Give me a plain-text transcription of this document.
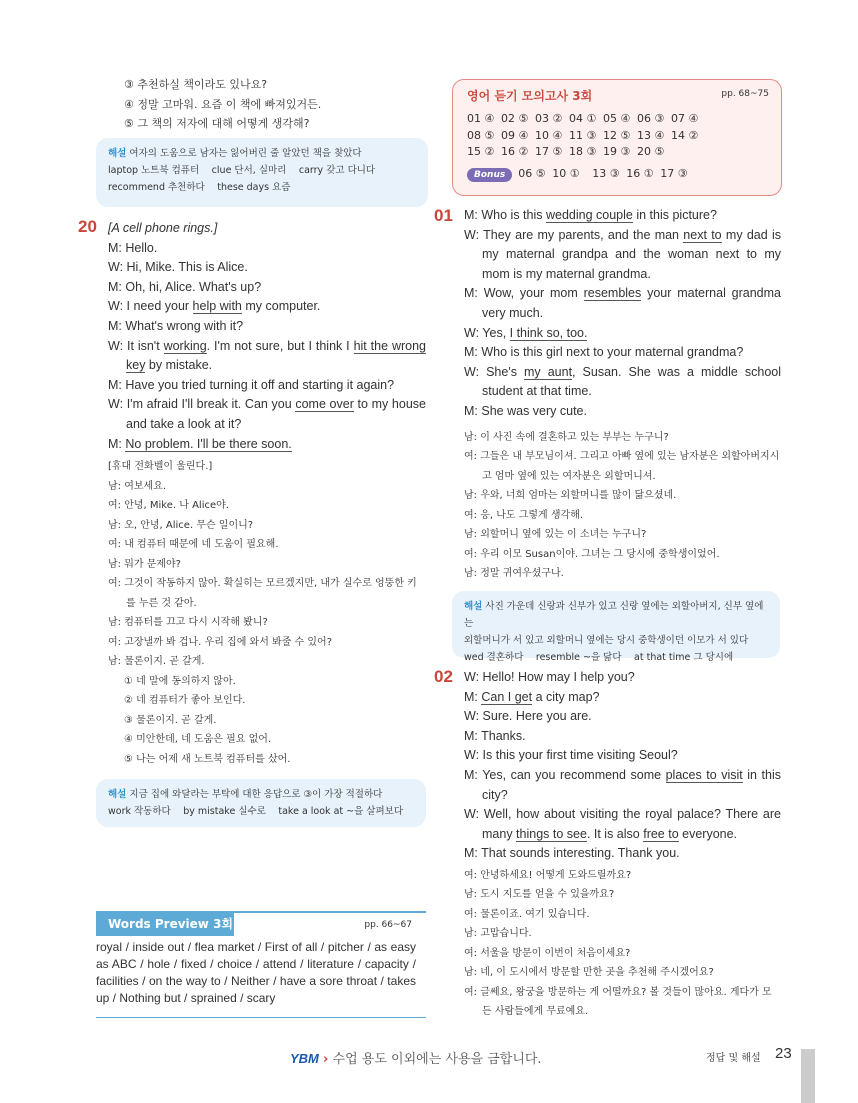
③ 추천하실 책이라도 있나요?
④ 정말 고마워. 요즘 이 책에 빠져있거든.
⑤ 그 책의 저자에 대해 어떻게 생각해?
해설 여자의 도움으로 남자는 잃어버린 줄 알았던 책을 찾았다
laptop 노트북 컴퓨터　 clue 단서, 실마리　 carry 갖고 다니다
recommend 추천하다　 these days 요즘
20 [A cell phone rings.]
M: Hello.
W: Hi, Mike. This is Alice.
M: Oh, hi, Alice. What's up?
W: I need your help with my computer.
M: What's wrong with it?
W: It isn't working. I'm not sure, but I think I hit the wrong key by mistake.
M: Have you tried turning it off and starting it again?
W: I'm afraid I'll break it. Can you come over to my house and take a look at it?
M: No problem. I'll be there soon.
[휴대 전화벨이 울린다.]
남: 여보세요.
여: 안녕, Mike. 나 Alice야.
남: 오, 안녕, Alice. 무슨 일이니?
여: 내 컴퓨터 때문에 네 도움이 필요해.
남: 뭐가 문제야?
여: 그것이 작동하지 않아. 확실히는 모르겠지만, 내가 실수로 엉뚱한 키를 누른 것 같아.
남: 컴퓨터를 끄고 다시 시작해 봤니?
여: 고장낼까 봐 겁나. 우리 집에 와서 봐줄 수 있어?
남: 물론이지. 곧 갈게.
① 네 말에 동의하지 않아.
② 네 컴퓨터가 좋아 보인다.
③ 물론이지. 곧 갈게.
④ 미안한데, 네 도움은 필요 없어.
⑤ 나는 어제 새 노트북 컴퓨터를 샀어.
해설 지금 집에 와달라는 부탁에 대한 응답으로 ③이 가장 적절하다
work 작동하다　 by mistake 실수로　 take a look at ~을 살펴보다
Words Preview 3회	pp. 66~67
royal / inside out / flea market / First of all / pitcher / as easy as ABC / hole / fixed / choice / attend / literature / capacity / facilities / on the way to / Neither / have a sore throat / takes up / Nothing but / sprained / scary
영어 듣기 모의고사 3회	pp. 68~75
01 ④ 02 ⑤ 03 ② 04 ① 05 ④ 06 ③ 07 ④
08 ⑤ 09 ④ 10 ④ 11 ③ 12 ⑤ 13 ④ 14 ②
15 ② 16 ② 17 ⑤ 18 ③ 19 ③ 20 ⑤
Bonus 06 ⑤ 10 ① 13 ③ 16 ① 17 ③
01 M: Who is this wedding couple in this picture?
W: They are my parents, and the man next to my dad is my maternal grandpa and the woman next to my mom is my maternal grandma.
M: Wow, your mom resembles your maternal grandma very much.
W: Yes, I think so, too.
M: Who is this girl next to your maternal grandma?
W: She's my aunt, Susan. She was a middle school student at that time.
M: She was very cute.
남: 이 사진 속에 결혼하고 있는 부부는 누구니?
여: 그들은 내 부모님이셔. 그리고 아빠 옆에 있는 남자분은 외할아버지시고 엄마 옆에 있는 여자분은 외할머니셔.
남: 우와, 너희 엄마는 외할머니를 많이 닮으셨네.
여: 응, 나도 그렇게 생각해.
남: 외할머니 옆에 있는 이 소녀는 누구니?
여: 우리 이모 Susan이야. 그녀는 그 당시에 중학생이었어.
남: 정말 귀여우셨구나.
해설 사진 가운데 신랑과 신부가 있고 신랑 옆에는 외할아버지, 신부 옆에는
외할머니가 서 있고 외할머니 옆에는 당시 중학생이던 이모가 서 있다
wed 결혼하다　 resemble ~을 닮다　 at that time 그 당시에
02 W: Hello! How may I help you?
M: Can I get a city map?
W: Sure. Here you are.
M: Thanks.
W: Is this your first time visiting Seoul?
M: Yes, can you recommend some places to visit in this city?
W: Well, how about visiting the royal palace? There are many things to see. It is also free to everyone.
M: That sounds interesting. Thank you.
여: 안녕하세요! 어떻게 도와드릴까요?
남: 도시 지도를 얻을 수 있을까요?
여: 물론이죠. 여기 있습니다.
남: 고맙습니다.
여: 서울을 방문이 이번이 처음이세요?
남: 네, 이 도시에서 방문할 만한 곳을 추천해 주시겠어요?
여: 글쎄요, 왕궁을 방문하는 게 어떨까요? 볼 것들이 많아요. 게다가 모든 사람들에게 무료예요.
YBM › 수업 용도 이외에는 사용을 금합니다.	정답 및 해설 23
